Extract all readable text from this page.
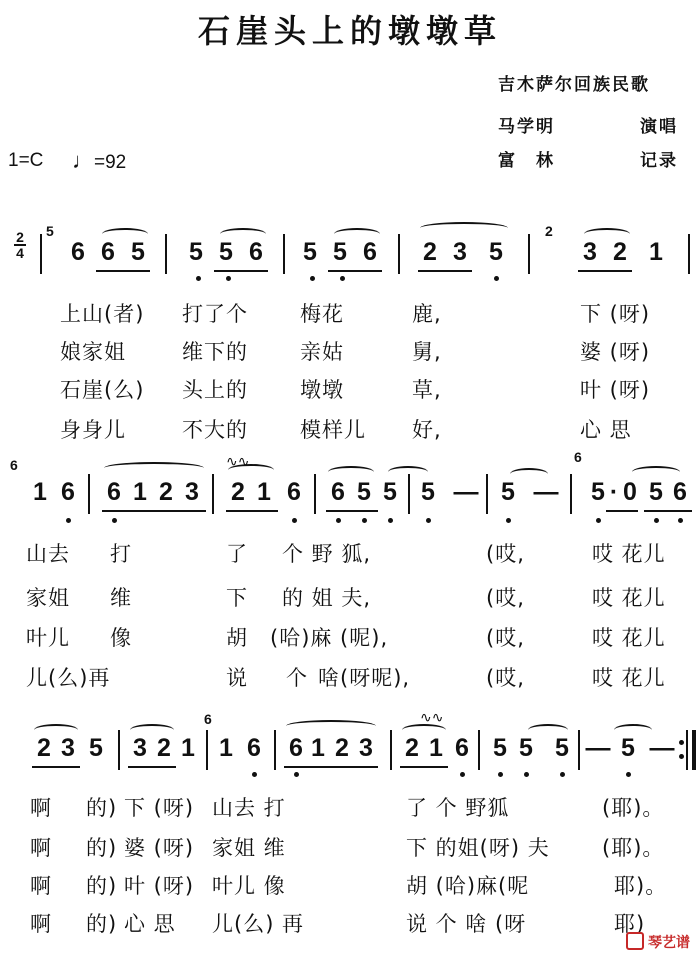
石崖头上的墩墩草
吉木萨尔回族民歌
马学明	演唱
富　林	记录
1=C ♩=92
2
4
5	2
6 6 5 5 5 6 5 5 6 2 3 5	3 2 1
上山(者) 打了个 梅花	鹿,	下 (呀)
娘家姐	维下的 亲姑	舅,	婆 (呀)
石崖(么) 头上的 墩墩	草,	叶 (呀)
身身儿	不大的 模样儿 好,	心 思
6	6
1 6 6 1 2 3 2 1 6 6 5 5 5 — 5 — 5 · 0 5 6
∿∿
山去 打	了 个 野 狐,	(哎,	哎 花儿
家姐 维	下 的 姐 夫,	(哎,	哎 花儿
叶儿 像	胡 (哈)麻 (呢),	(哎,	哎 花儿
儿(么)再	说 个 啥(呀呢),	(哎,	哎 花儿
6
2 3 5 3 2 1 1 6 6 1 2 3 2 1 6 5 5 5 — 5 —
∿∿
啊 的) 下 (呀) 山去 打	了 个 野狐	(耶)。
啊 的) 婆 (呀) 家姐 维	下 的姐(呀) 夫 (耶)。
啊 的) 叶 (呀) 叶儿 像	胡 (哈)麻(呢	耶)。
啊 的) 心 思 儿(么) 再	说 个 啥 (呀	耶)
琴艺谱
